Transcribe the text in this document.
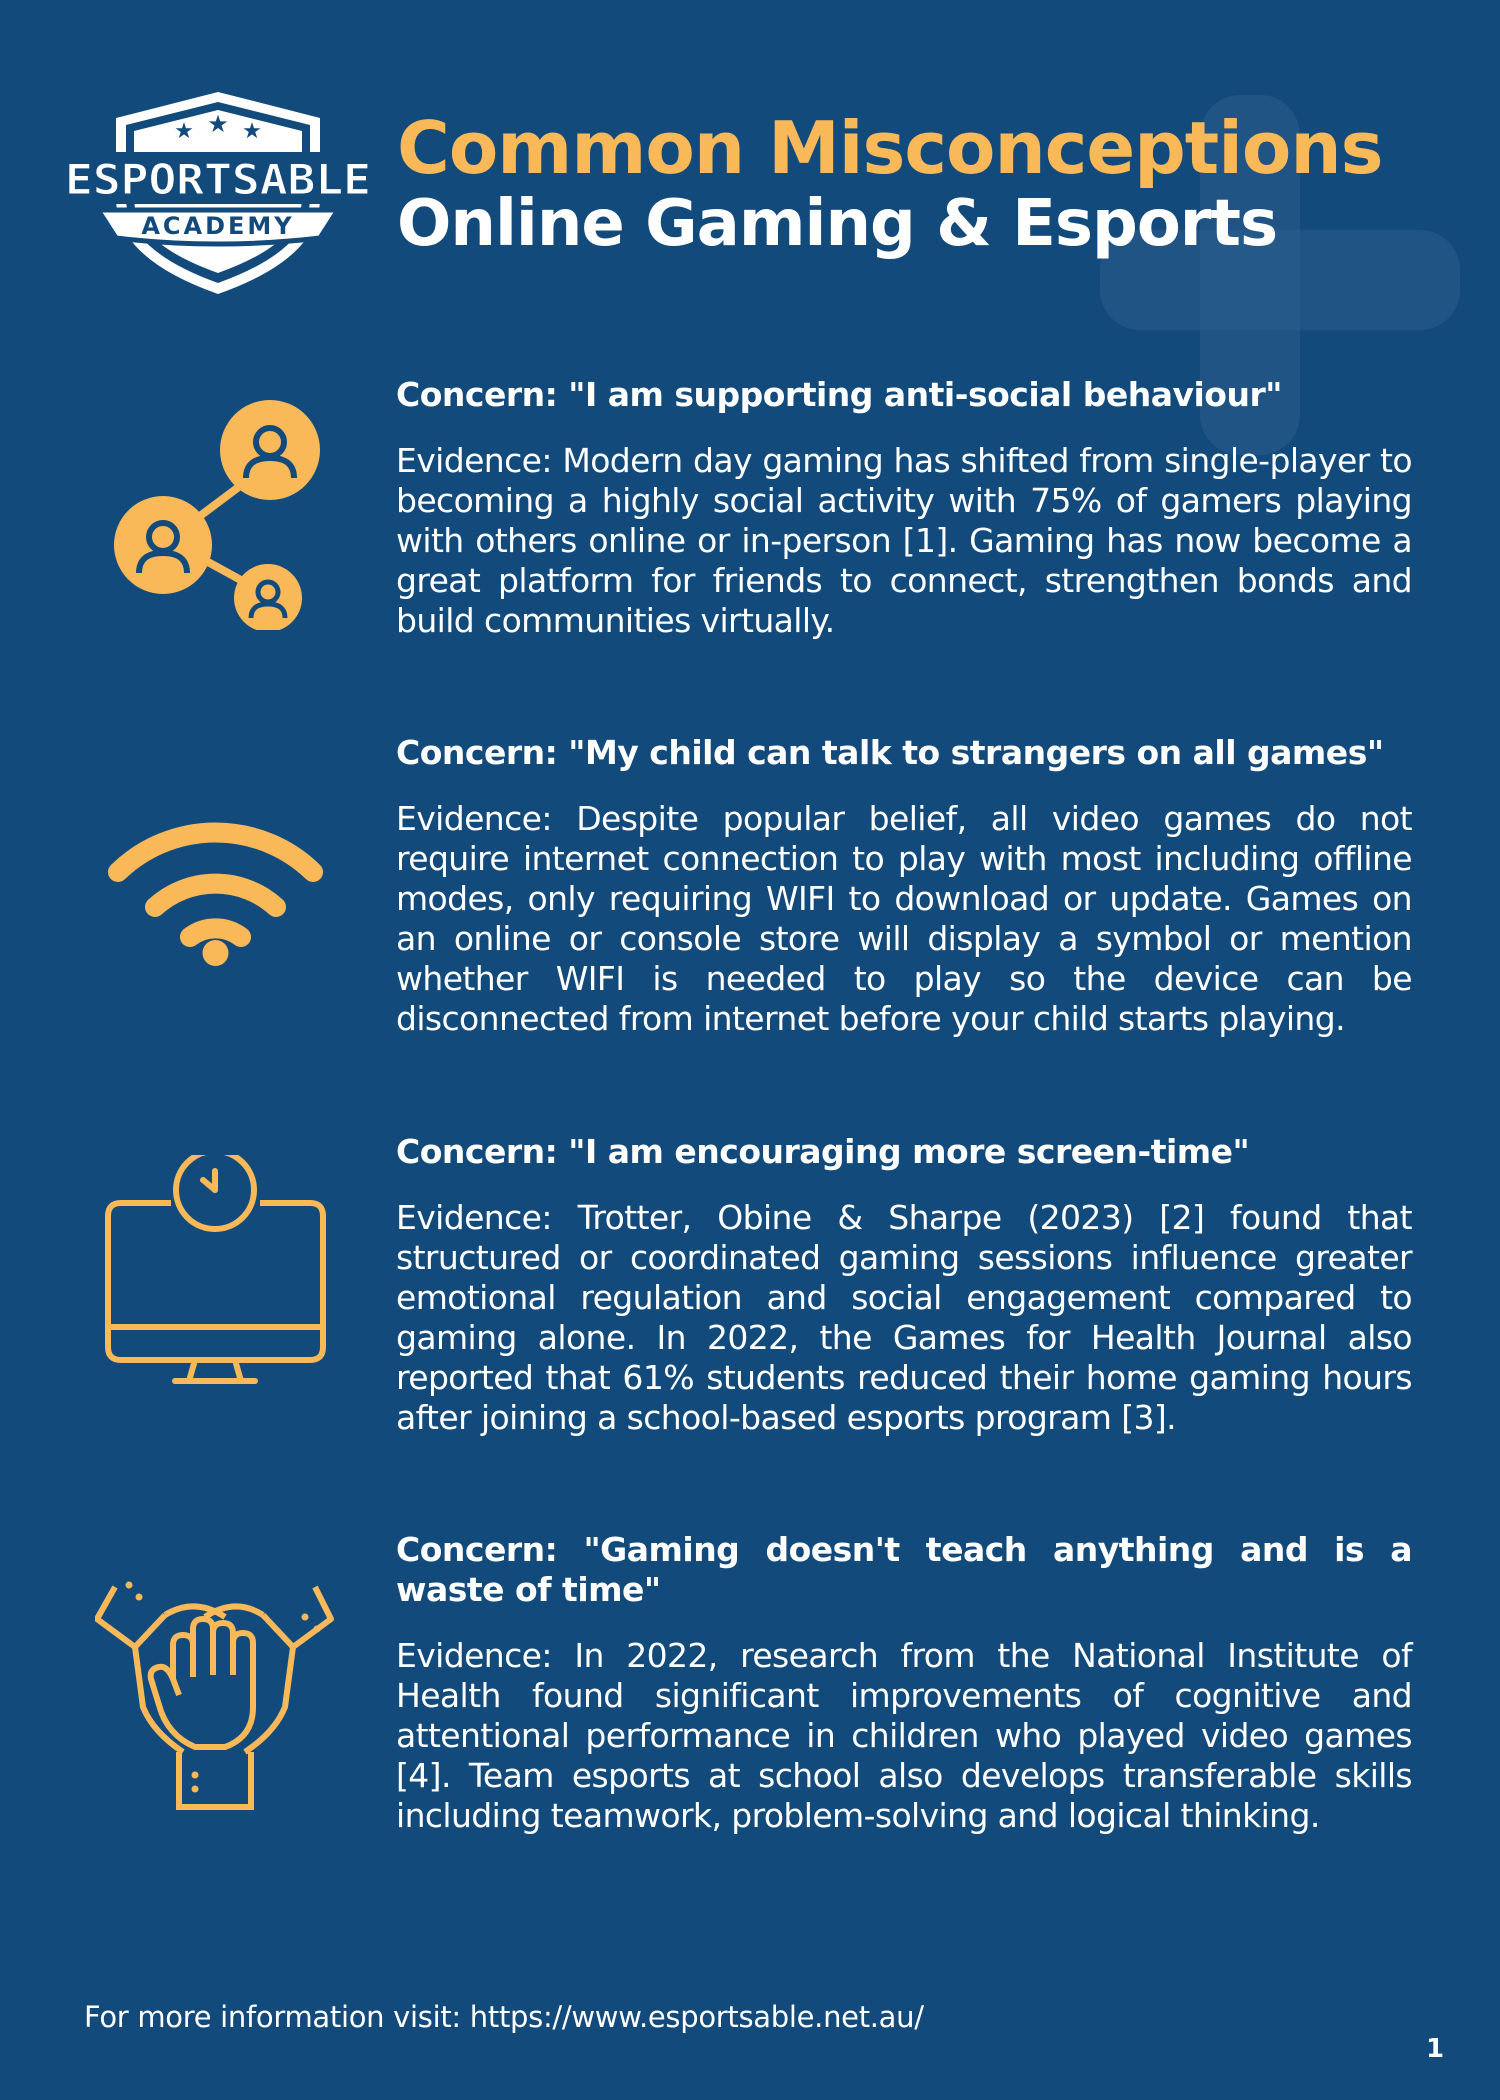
★ ★ ★
ESPORTSABLE
ACADEMY
Common Misconceptions
Online Gaming & Esports
Concern: "I am supporting anti-social behaviour"
Evidence: Modern day gaming has shifted from single-player to becoming a highly social activity with 75% of gamers playing with others online or in-person [1]. Gaming has now become a great platform for friends to connect, strengthen bonds and build communities virtually.
Concern: "My child can talk to strangers on all games"
Evidence: Despite popular belief, all video games do not require internet connection to play with most including offline modes, only requiring WIFI to download or update. Games on an online or console store will display a symbol or mention whether WIFI is needed to play so the device can be disconnected from internet before your child starts playing.
Concern: "I am encouraging more screen-time"
Evidence: Trotter, Obine & Sharpe (2023) [2] found that structured or coordinated gaming sessions influence greater emotional regulation and social engagement compared to gaming alone. In 2022, the Games for Health Journal also reported that 61% students reduced their home gaming hours after joining a school-based esports program [3].
Concern: "Gaming doesn't teach anything and is a waste of time"
Evidence: In 2022, research from the National Institute of Health found significant improvements of cognitive and attentional performance in children who played video games [4]. Team esports at school also develops transferable skills including teamwork, problem-solving and logical thinking.
For more information visit: https://www.esportsable.net.au/
1
